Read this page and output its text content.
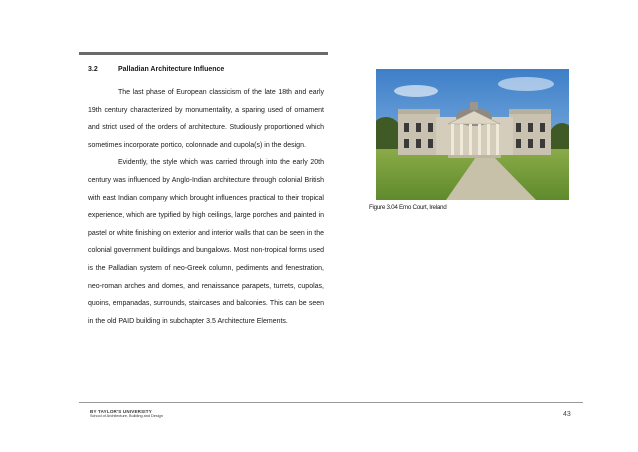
3.2	Palladian Architecture Influence

The last phase of European classicism of the late 18th and early 19th century characterized by monumentality, a sparing used of ornament and strict used of the orders of architecture. Studiously proportioned which sometimes incorporate portico, colonnade and cupola(s) in the design.

Evidently, the style which was carried through into the early 20th century was influenced by Anglo-Indian architecture through colonial British with east Indian company which brought influences practical to their tropical experience, which are typified by high ceilings, large porches and painted in pastel or white finishing on exterior and interior walls that can be seen in the colonial government buildings and bungalows. Most non-tropical forms used is the Palladian system of neo-Greek column, pediments and fenestration, neo-roman arches and domes, and renaissance parapets, turrets, cupolas, quoins, empanadas, surrounds, staircases and balconies. This can be seen in the old PAID building in subchapter 3.5 Architecture Elements.

Figure 3.04 Emo Court, Ireland
BY TAYLOR'S UNIVERSITY
School of Architecture, Building and Design	43
